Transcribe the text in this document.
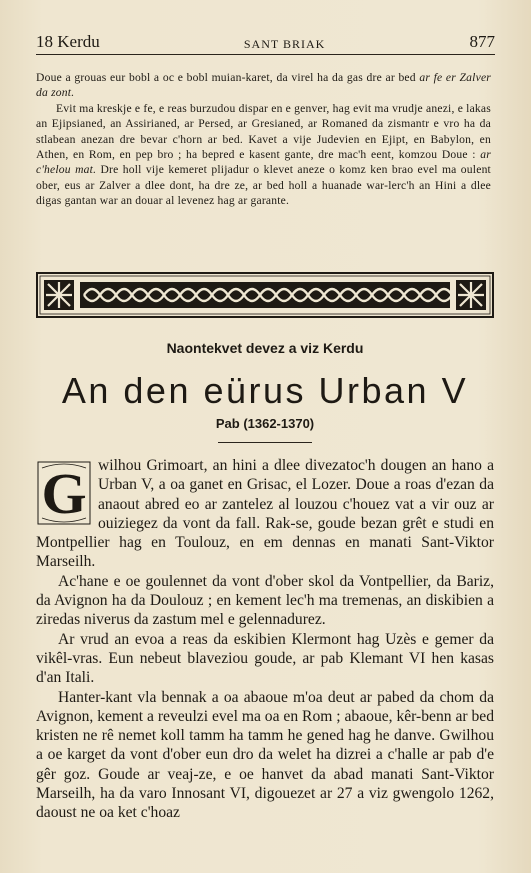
18 Kerdu	SANT BRIAK	877

Doue a grouas eur bobl a oc e bobl muian-karet, da virel ha da gas dre ar bed ar fe er Zalver da zont.

Evit ma kreskje e fe, e reas burzudou dispar en e genver, hag evit ma vrudje anezi, e lakas an Ejipsianed, an Assirianed, ar Persed, ar Gresianed, ar Romaned da zismantr e vro ha da stlabean anezan dre bevar c'horn ar bed. Kavet a vije Judevien en Ejipt, en Babylon, en Athen, en Rom, en pep bro ; ha bepred e kasent gante, dre mac'h eent, komzou Doue : ar c'helou mat. Dre holl vije kemeret plijadur o klevet aneze o komz ken brao evel ma oulent ober, eus ar Zalver a dlee dont, ha dre ze, ar bed holl a huanade war-lerc'h an Hini a dlee digas gantan war an douar al levenez hag ar garante.

Naontekvet devez a viz Kerdu
An den eürus Urban V
Pab (1362-1370)

G wilhou Grimoart, an hini a dlee divezatoc'h dougen an hano a Urban V, a oa ganet en Grisac, el Lozer. Doue a roas d'ezan da anaout abred eo ar zantelez al louzou c'houez vat a vir ouz ar ouiziegez da vont da fall. Rak-se, goude bezan grêt e studi en Montpellier hag en Toulouz, en em dennas en manati Sant-Viktor Marseilh.

Ac'hane e oe goulennet da vont d'ober skol da Vontpellier, da Bariz, da Avignon ha da Doulouz ; en kement lec'h ma tremenas, an diskibien a ziredas niverus da zastum mel e gelennadurez.

Ar vrud an evoa a reas da eskibien Klermont hag Uzès e gemer da vikêl-vras. Eun nebeut blaveziou goude, ar pab Klemant VI hen kasas d'an Itali.

Hanter-kant vla bennak a oa abaoue m'oa deut ar pabed da chom da Avignon, kement a reveulzi evel ma oa en Rom ; abaoue, kêr-benn ar bed kristen ne rê nemet koll tamm ha tamm he gened hag he danve. Gwilhou a oe karget da vont d'ober eun dro da welet ha dizrei a c'halle ar pab d'e gêr goz. Goude ar veaj-ze, e oe hanvet da abad manati Sant-Viktor Marseilh, ha da varo Innosant VI, digouezet ar 27 a viz gwengolo 1262, daoust ne oa ket c'hoaz
